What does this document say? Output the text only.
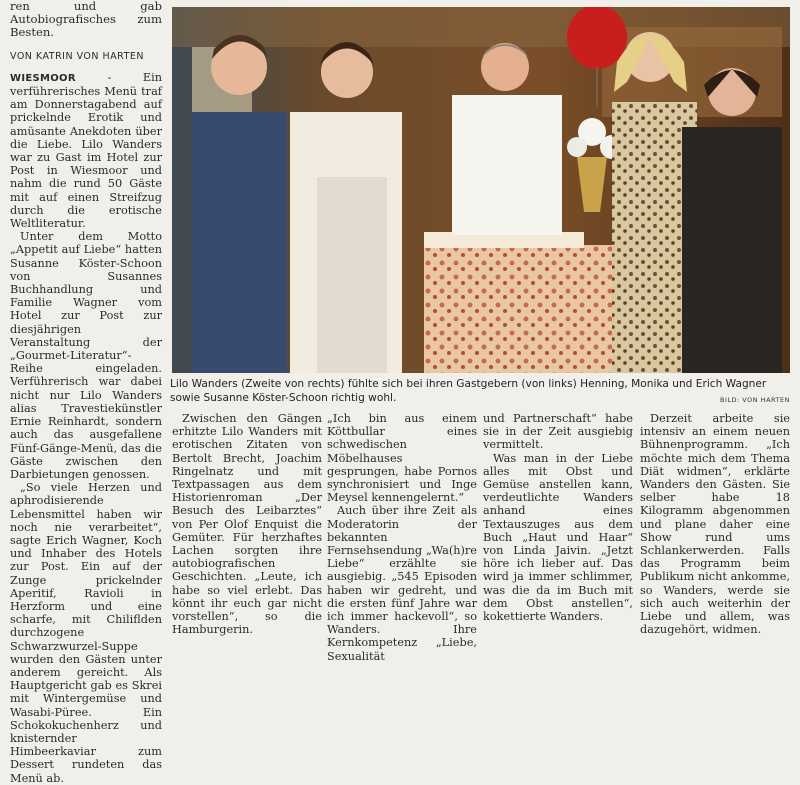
ren und gab Autobiografisches zum Besten.

VON KATRIN VON HARTEN

WIESMOOR - Ein verführerisches Menü traf am Donnerstagabend auf prickelnde Erotik und amüsante Anekdoten über die Liebe. Lilo Wanders war zu Gast im Hotel zur Post in Wiesmoor und nahm die rund 50 Gäste mit auf einen Streifzug durch die erotische Weltliteratur.

Unter dem Motto „Appetit auf Liebe“ hatten Susanne Köster-Schoon von Susannes Buchhandlung und Familie Wagner vom Hotel zur Post zur diesjährigen Veranstaltung der „Gourmet-Literatur“-Reihe eingeladen. Verführerisch war dabei nicht nur Lilo Wanders alias Travestiekünstler Ernie Reinhardt, sondern auch das ausgefallene Fünf-Gänge-Menü, das die Gäste zwischen den Darbietungen genossen.

„So viele Herzen und aphrodisierende Lebensmittel haben wir noch nie verarbeitet“, sagte Erich Wagner, Koch und Inhaber des Hotels zur Post. Ein auf der Zunge prickelnder Aperitif, Ravioli in Herzform und eine scharfe, mit Chiliflden durchzogene Schwarzwurzel-Suppe wurden den Gästen unter anderem gereicht. Als Hauptgericht gab es Skrei mit Wintergemüse und Wasabi-Püree. Ein Schokokuchenherz und knisternder Himbeerkaviar zum Dessert rundeten das Menü ab.

Lilo Wanders (Zweite von rechts) fühlte sich bei ihren Gastgebern (von links) Henning, Monika und Erich Wagner sowie Susanne Köster-Schoon richtig wohl.	BILD: VON HARTEN

Zwischen den Gängen erhitzte Lilo Wanders mit erotischen Zitaten von Bertolt Brecht, Joachim Ringelnatz und mit Textpassagen aus dem Historienroman „Der Besuch des Leibarztes“ von Per Olof Enquist die Gemüter. Für herzhaftes Lachen sorgten ihre autobiografischen Geschichten. „Leute, ich habe so viel erlebt. Das könnt ihr euch gar nicht vorstellen“, so die Hamburgerin.

„Ich bin aus einem Köttbullar eines schwedischen Möbelhauses gesprungen, habe Pornos synchronisiert und Inge Meysel kennengelernt.“

Auch über ihre Zeit als Moderatorin der bekannten Fernsehsendung „Wa(h)re Liebe“ erzählte sie ausgiebig. „545 Episoden haben wir gedreht, und die ersten fünf Jahre war ich immer hackevoll“, so Wanders. Ihre Kernkompetenz „Liebe, Sexualität

und Partnerschaft“ habe sie in der Zeit ausgiebig vermittelt.

Was man in der Liebe alles mit Obst und Gemüse anstellen kann, verdeutlichte Wanders anhand eines Textauszuges aus dem Buch „Haut und Haar“ von Linda Jaivin. „Jetzt höre ich lieber auf. Das wird ja immer schlimmer, was die da im Buch mit dem Obst anstellen“, kokettierte Wanders.

Derzeit arbeite sie intensiv an einem neuen Bühnenprogramm. „Ich möchte mich dem Thema Diät widmen“, erklärte Wanders den Gästen. Sie selber habe 18 Kilogramm abgenommen und plane daher eine Show rund ums Schlankerwerden. Falls das Programm beim Publikum nicht ankomme, so Wanders, werde sie sich auch weiterhin der Liebe und allem, was dazugehört, widmen.
